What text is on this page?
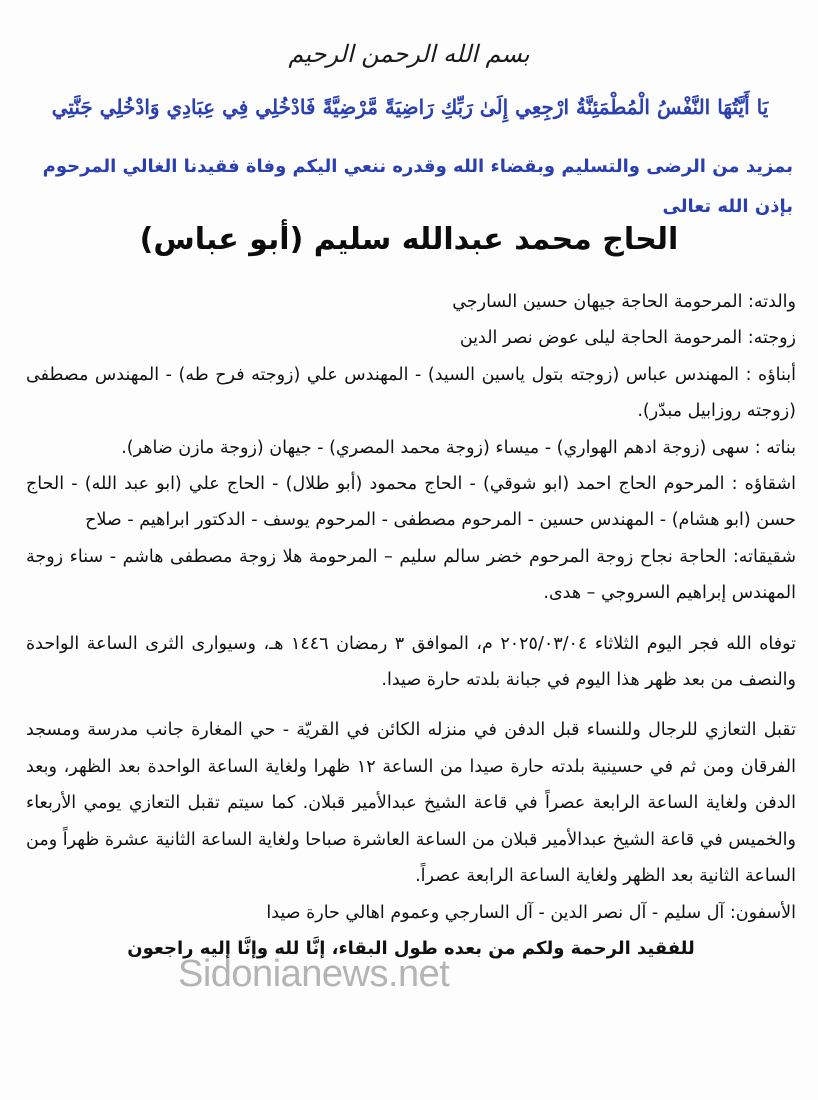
بسم الله الرحمن الرحيم
يَا أَيَّتُهَا النَّفْسُ الْمُطْمَئِنَّةُ ارْجِعِي إِلَىٰ رَبِّكِ رَاضِيَةً مَّرْضِيَّةً فَادْخُلِي فِي عِبَادِي وَادْخُلِي جَنَّتِي
بمزيد من الرضى والتسليم وبقضاء الله وقدره ننعي اليكم وفاة فقيدنا الغالي المرحوم بإذن الله تعالى
الحاج محمد عبدالله سليم (أبو عباس)

والدته: المرحومة الحاجة جيهان حسين السارجي

زوجته: المرحومة الحاجة ليلى عوض نصر الدين

أبناؤه : المهندس عباس (زوجته بتول ياسين السيد) - المهندس علي (زوجته فرح طه) - المهندس مصطفى (زوجته روزابيل مبدّر).

بناته : سهى (زوجة ادهم الهواري) - ميساء (زوجة محمد المصري) - جيهان (زوجة مازن ضاهر).

اشقاؤه : المرحوم الحاج احمد (ابو شوقي) - الحاج محمود (أبو طلال) - الحاج علي (ابو عبد الله) - الحاج حسن (ابو هشام) - المهندس حسين - المرحوم مصطفى - المرحوم يوسف - الدكتور ابراهيم - صلاح

شقيقاته: الحاجة نجاح زوجة المرحوم خضر سالم سليم – المرحومة هلا زوجة مصطفى هاشم - سناء زوجة المهندس إبراهيم السروجي – هدى.

توفاه الله فجر اليوم الثلاثاء ٢٠٢٥/٠٣/٠٤ م، الموافق ٣ رمضان ١٤٤٦ هـ، وسيوارى الثرى الساعة الواحدة والنصف من بعد ظهر هذا اليوم في جبانة بلدته حارة صيدا.

تقبل التعازي للرجال وللنساء قبل الدفن في منزله الكائن في القريّة - حي المغارة جانب مدرسة ومسجد الفرقان ومن ثم في حسينية بلدته حارة صيدا من الساعة ١٢ ظهرا ولغاية الساعة الواحدة بعد الظهر، وبعد الدفن ولغاية الساعة الرابعة عصراً في قاعة الشيخ عبدالأمير قبلان. كما سيتم تقبل التعازي يومي الأربعاء والخميس في قاعة الشيخ عبدالأمير قبلان من الساعة العاشرة صباحا ولغاية الساعة الثانية عشرة ظهراً ومن الساعة الثانية بعد الظهر ولغاية الساعة الرابعة عصراً.

الأسفون: آل سليم - آل نصر الدين - آل السارجي وعموم اهالي حارة صيدا

للفقيد الرحمة ولكم من بعده طول البقاء، إنَّا لله وإنَّا إليه راجعون

Sidonianews.net
